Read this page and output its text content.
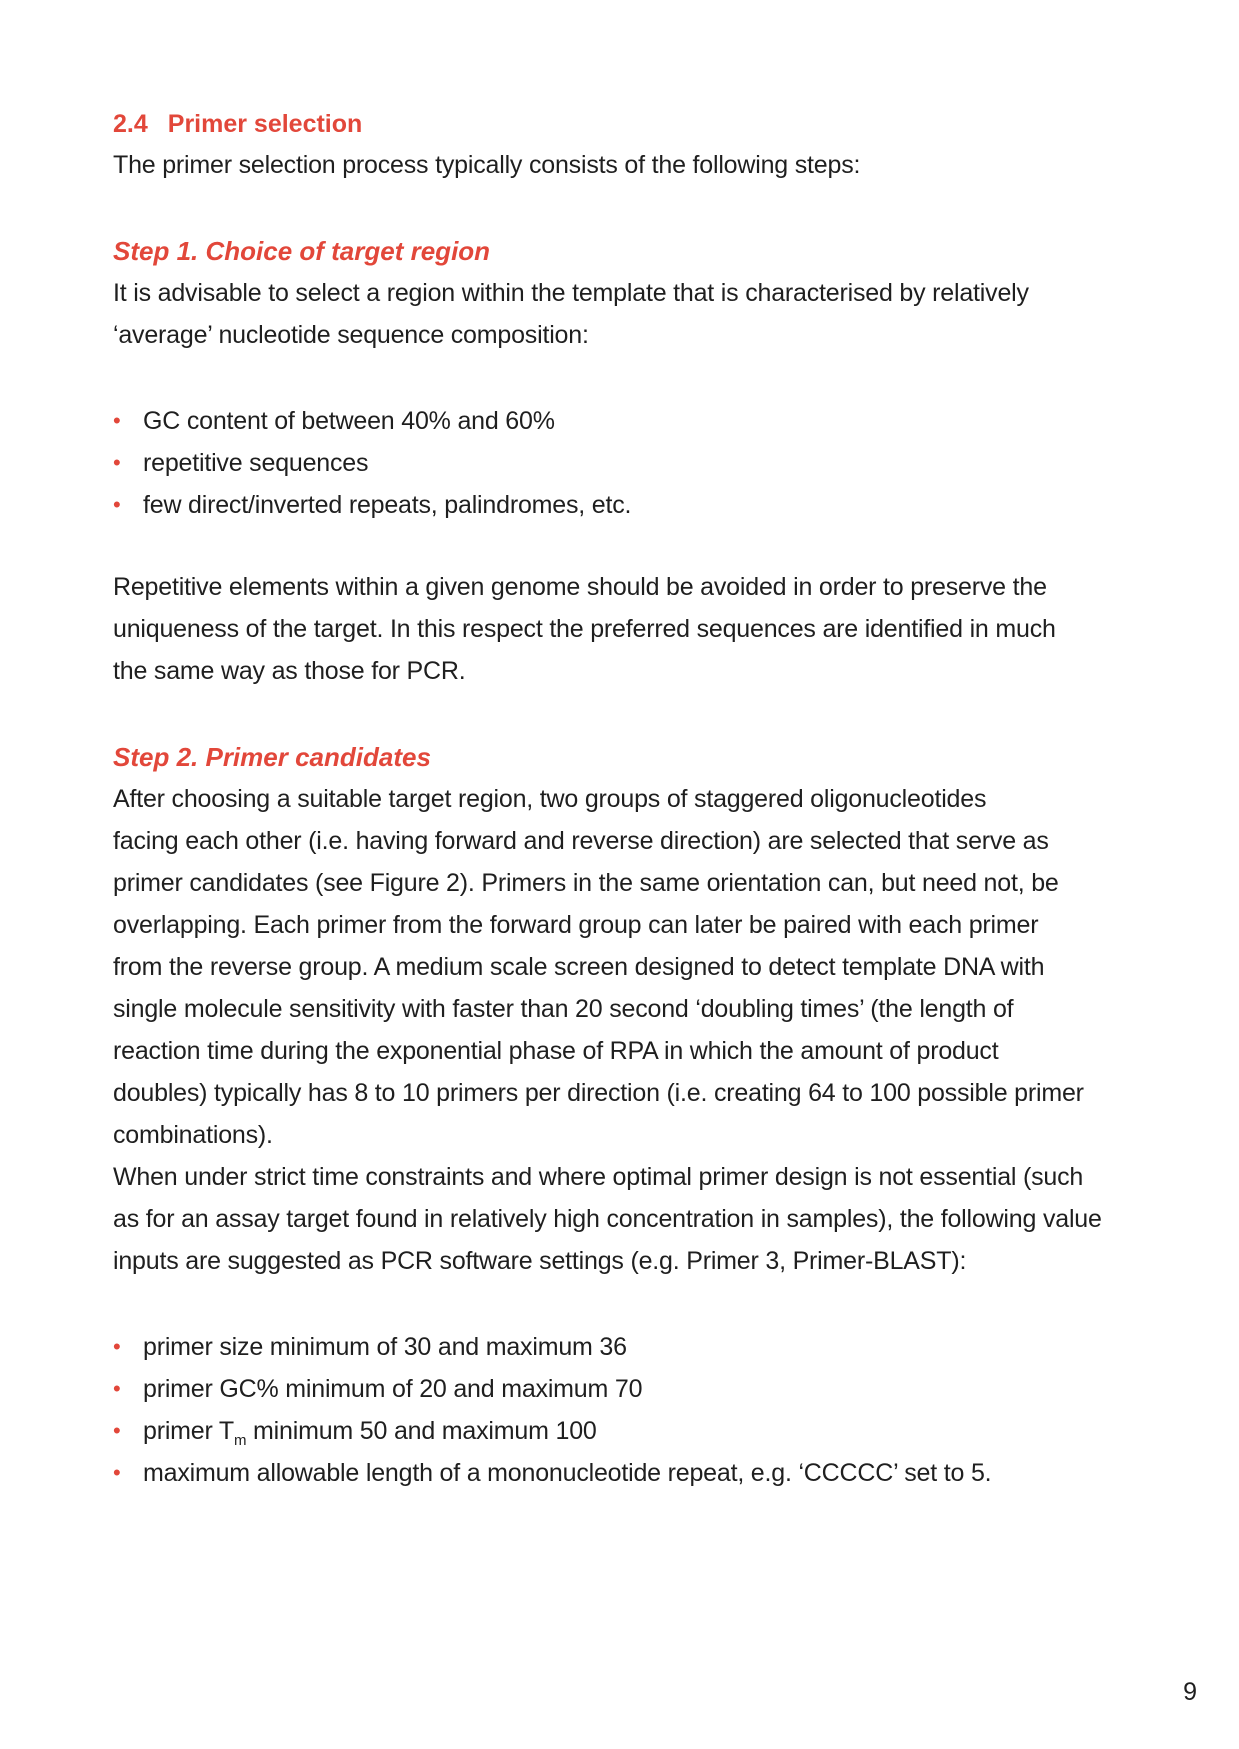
2.4 Primer selection

The primer selection process typically consists of the following steps:

Step 1. Choice of target region

It is advisable to select a region within the template that is characterised by relatively

‘average’ nucleotide sequence composition:

• GC content of between 40% and 60%
• repetitive sequences
• few direct/inverted repeats, palindromes, etc.

Repetitive elements within a given genome should be avoided in order to preserve the

uniqueness of the target. In this respect the preferred sequences are identified in much

the same way as those for PCR.

Step 2. Primer candidates

After choosing a suitable target region, two groups of staggered oligonucleotides

facing each other (i.e. having forward and reverse direction) are selected that serve as

primer candidates (see Figure 2). Primers in the same orientation can, but need not, be

overlapping. Each primer from the forward group can later be paired with each primer

from the reverse group. A medium scale screen designed to detect template DNA with

single molecule sensitivity with faster than 20 second ‘doubling times’ (the length of

reaction time during the exponential phase of RPA in which the amount of product

doubles) typically has 8 to 10 primers per direction (i.e. creating 64 to 100 possible primer

combinations).

When under strict time constraints and where optimal primer design is not essential (such

as for an assay target found in relatively high concentration in samples), the following value

inputs are suggested as PCR software settings (e.g. Primer 3, Primer-BLAST):

• primer size minimum of 30 and maximum 36
• primer GC% minimum of 20 and maximum 70
• primer $T_m$ minimum 50 and maximum 100
• maximum allowable length of a mononucleotide repeat, e.g. ‘CCCCC’ set to 5.
9
